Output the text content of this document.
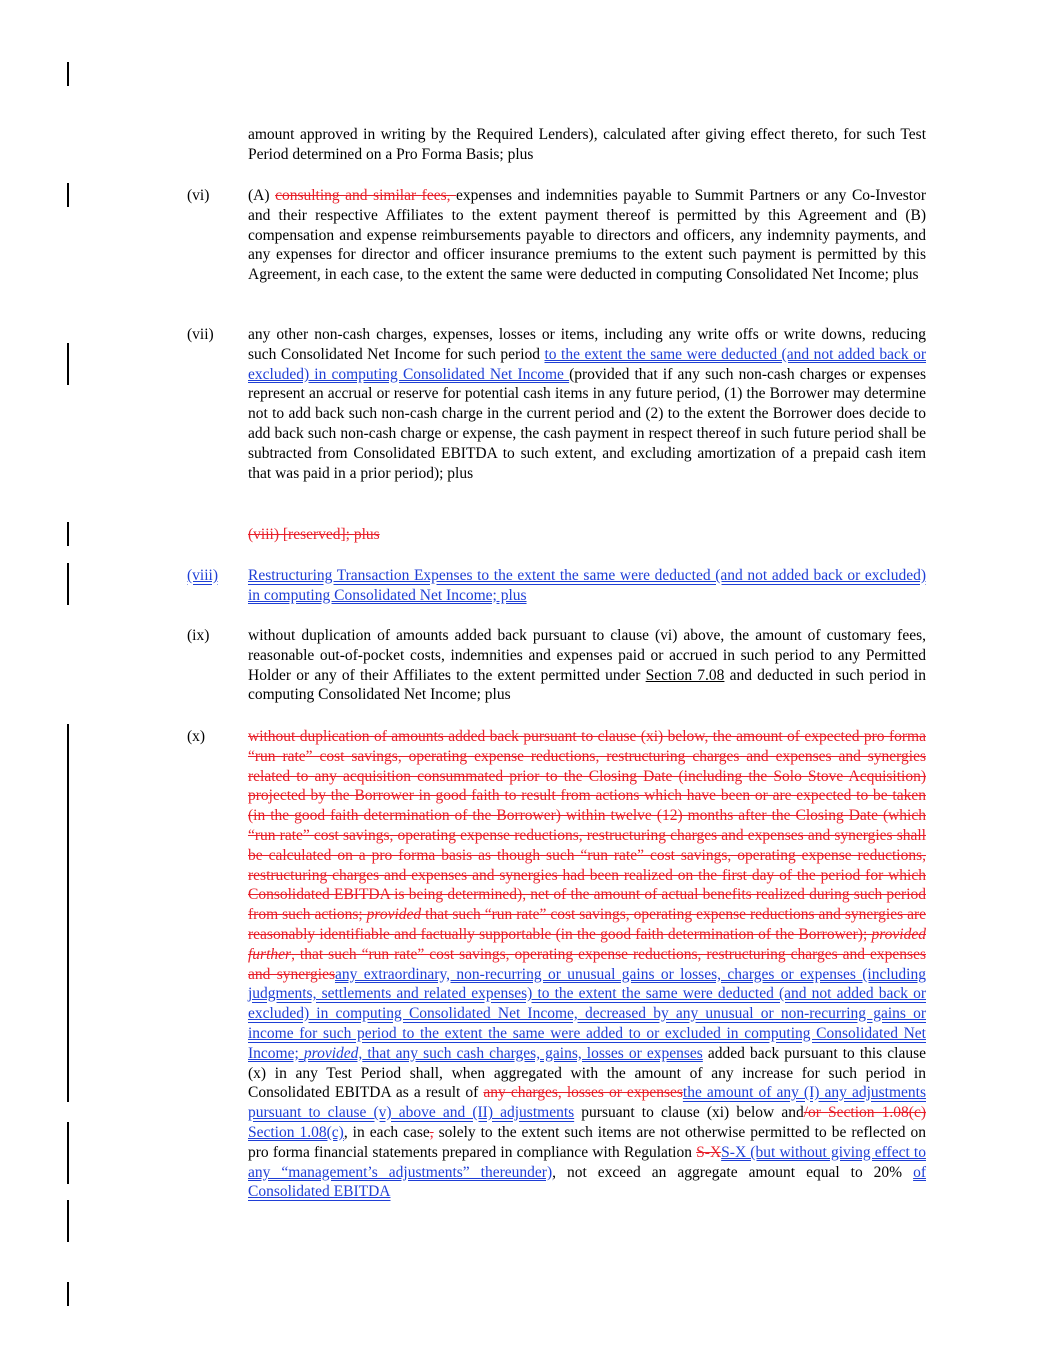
amount approved in writing by the Required Lenders), calculated after giving effect thereto, for such Test Period determined on a Pro Forma Basis; plus
(vi) (A) consulting and similar fees, expenses and indemnities payable to Summit Partners or any Co-Investor and their respective Affiliates to the extent payment thereof is permitted by this Agreement and (B) compensation and expense reimbursements payable to directors and officers, any indemnity payments, and any expenses for director and officer insurance premiums to the extent such payment is permitted by this Agreement, in each case, to the extent the same were deducted in computing Consolidated Net Income; plus
(vii) any other non-cash charges, expenses, losses or items, including any write offs or write downs, reducing such Consolidated Net Income for such period to the extent the same were deducted (and not added back or excluded) in computing Consolidated Net Income (provided that if any such non-cash charges or expenses represent an accrual or reserve for potential cash items in any future period, (1) the Borrower may determine not to add back such non-cash charge in the current period and (2) to the extent the Borrower does decide to add back such non-cash charge or expense, the cash payment in respect thereof in such future period shall be subtracted from Consolidated EBITDA to such extent, and excluding amortization of a prepaid cash item that was paid in a prior period); plus
(viii) [reserved]; plus
(viii) Restructuring Transaction Expenses to the extent the same were deducted (and not added back or excluded) in computing Consolidated Net Income; plus
(ix) without duplication of amounts added back pursuant to clause (vi) above, the amount of customary fees, reasonable out-of-pocket costs, indemnities and expenses paid or accrued in such period to any Permitted Holder or any of their Affiliates to the extent permitted under Section 7.08 and deducted in such period in computing Consolidated Net Income; plus
(x)	without duplication of amounts added back pursuant to clause (xi) below, the amount of expected pro forma “run rate” cost savings, operating expense reductions, restructuring charges and expenses and synergies related to any acquisition consummated prior to the Closing Date (including the Solo Stove Acquisition) projected by the Borrower in good faith to result from actions which have been or are expected to be taken (in the good faith determination of the Borrower) within twelve (12) months after the Closing Date (which “run rate” cost savings, operating expense reductions, restructuring charges and expenses and synergies shall be calculated on a pro forma basis as though such “run rate” cost savings, operating expense reductions, restructuring charges and expenses and synergies had been realized on the first day of the period for which Consolidated EBITDA is being determined), net of the amount of actual benefits realized during such period from such actions; provided that such “run rate” cost savings, operating expense reductions and synergies are reasonably identifiable and factually supportable (in the good faith determination of the Borrower); provided further, that such “run rate” cost savings, operating expense reductions, restructuring charges and expenses and synergiesany extraordinary, non-recurring or unusual gains or losses, charges or expenses (including judgments, settlements and related expenses) to the extent the same were deducted (and not added back or excluded) in computing Consolidated Net Income, decreased by any unusual or non-recurring gains or income for such period to the extent the same were added to or excluded in computing Consolidated Net Income; provided, that any such cash charges, gains, losses or expenses added back pursuant to this clause (x) in any Test Period shall, when aggregated with the amount of any increase for such period in Consolidated EBITDA as a result of any charges, losses or expensesthe amount of any (I) any adjustments pursuant to clause (v) above and (II) adjustments pursuant to clause (xi) below and/or Section 1.08(c) Section 1.08(c), in each case, solely to the extent such items are not otherwise permitted to be reflected on pro forma financial statements prepared in compliance with Regulation S-XS-X (but without giving effect to any “management’s adjustments” thereunder), not exceed an aggregate amount equal to 20% of Consolidated EBITDA
